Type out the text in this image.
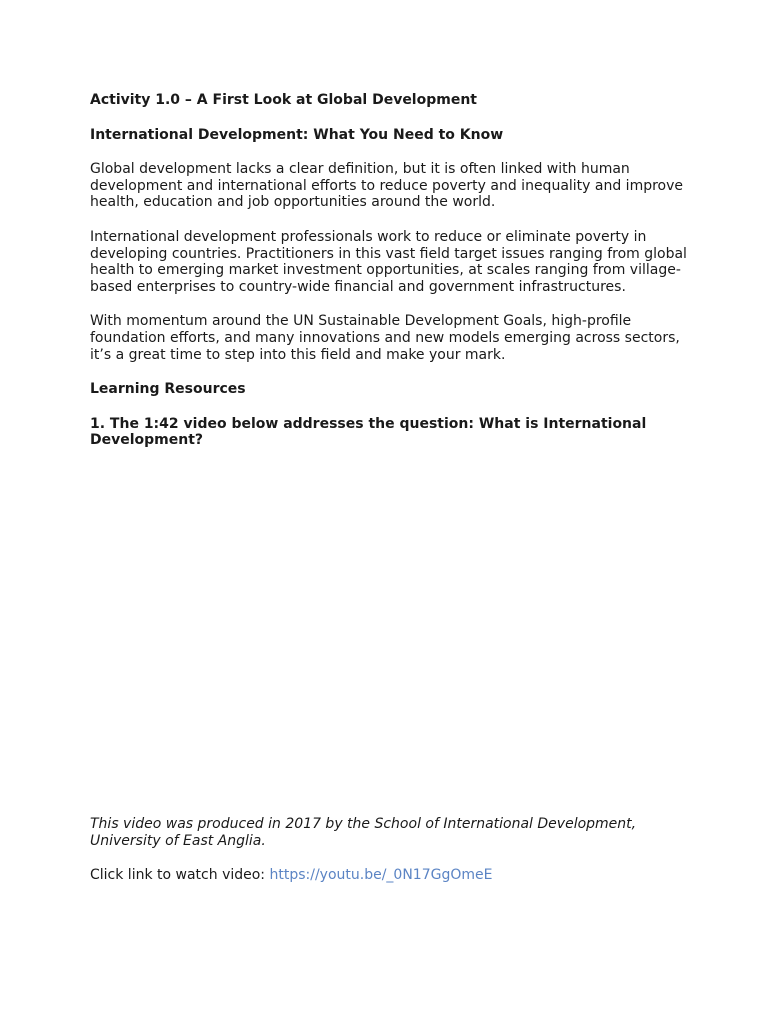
Activity 1.0 – A First Look at Global Development

International Development: What You Need to Know

Global development lacks a clear definition, but it is often linked with human development and international efforts to reduce poverty and inequality and improve health, education and job opportunities around the world.

International development professionals work to reduce or eliminate poverty in developing countries. Practitioners in this vast field target issues ranging from global health to emerging market investment opportunities, at scales ranging from village-based enterprises to country-wide financial and government infrastructures.

With momentum around the UN Sustainable Development Goals, high-profile foundation efforts, and many innovations and new models emerging across sectors, it’s a great time to step into this field and make your mark.

Learning Resources

1. The 1:42 video below addresses the question: What is International Development?

This video was produced in 2017 by the School of International Development, University of East Anglia.

Click link to watch video: https://youtu.be/_0N17GgOmeE
